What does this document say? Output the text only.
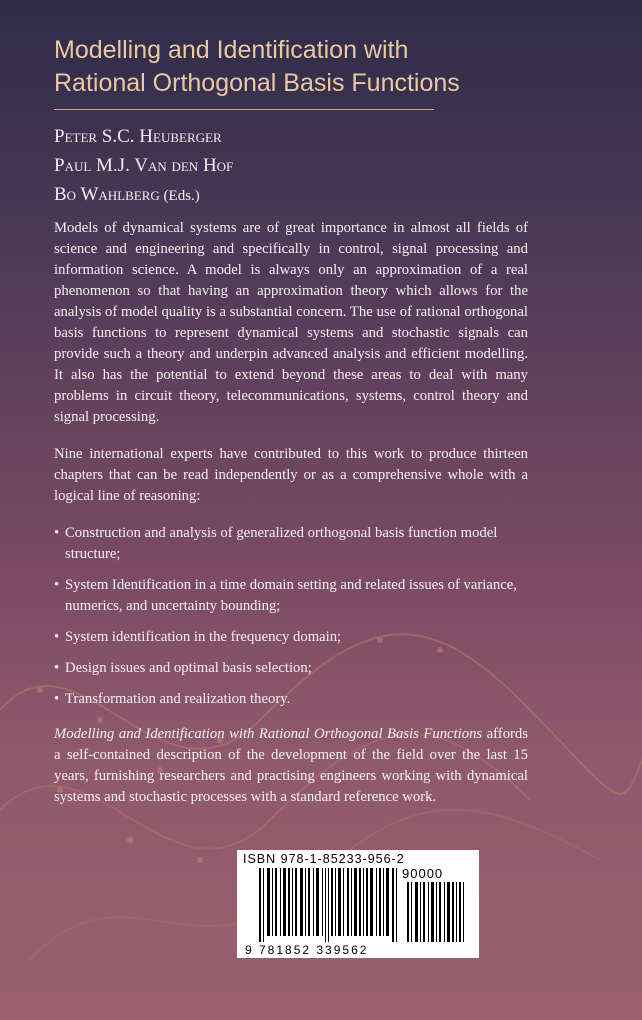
Modelling and Identification with
Rational Orthogonal Basis Functions
Peter S.C. Heuberger
Paul M.J. Van den Hof
Bo Wahlberg (Eds.)

Models of dynamical systems are of great importance in almost all fields of science and engineering and specifically in control, signal processing and information science. A model is always only an approximation of a real phenomenon so that having an approximation theory which allows for the analysis of model quality is a substantial concern. The use of rational orthogonal basis functions to represent dynamical systems and stochastic signals can provide such a theory and underpin advanced analysis and efficient modelling. It also has the potential to extend beyond these areas to deal with many problems in circuit theory, telecommunications, systems, control theory and signal processing.

Nine international experts have contributed to this work to produce thirteen chapters that can be read independently or as a comprehensive whole with a logical line of reasoning:

• Construction and analysis of generalized orthogonal basis function model structure;
• System Identification in a time domain setting and related issues of variance, numerics, and uncertainty bounding;
• System identification in the frequency domain;
• Design issues and optimal basis selection;
• Transformation and realization theory.

Modelling and Identification with Rational Orthogonal Basis Functions affords a self-contained description of the development of the field over the last 15 years, furnishing researchers and practising engineers working with dynamical systems and stochastic processes with a standard reference work.

ISBN 978-1-85233-956-2
90000
9 781852 339562
